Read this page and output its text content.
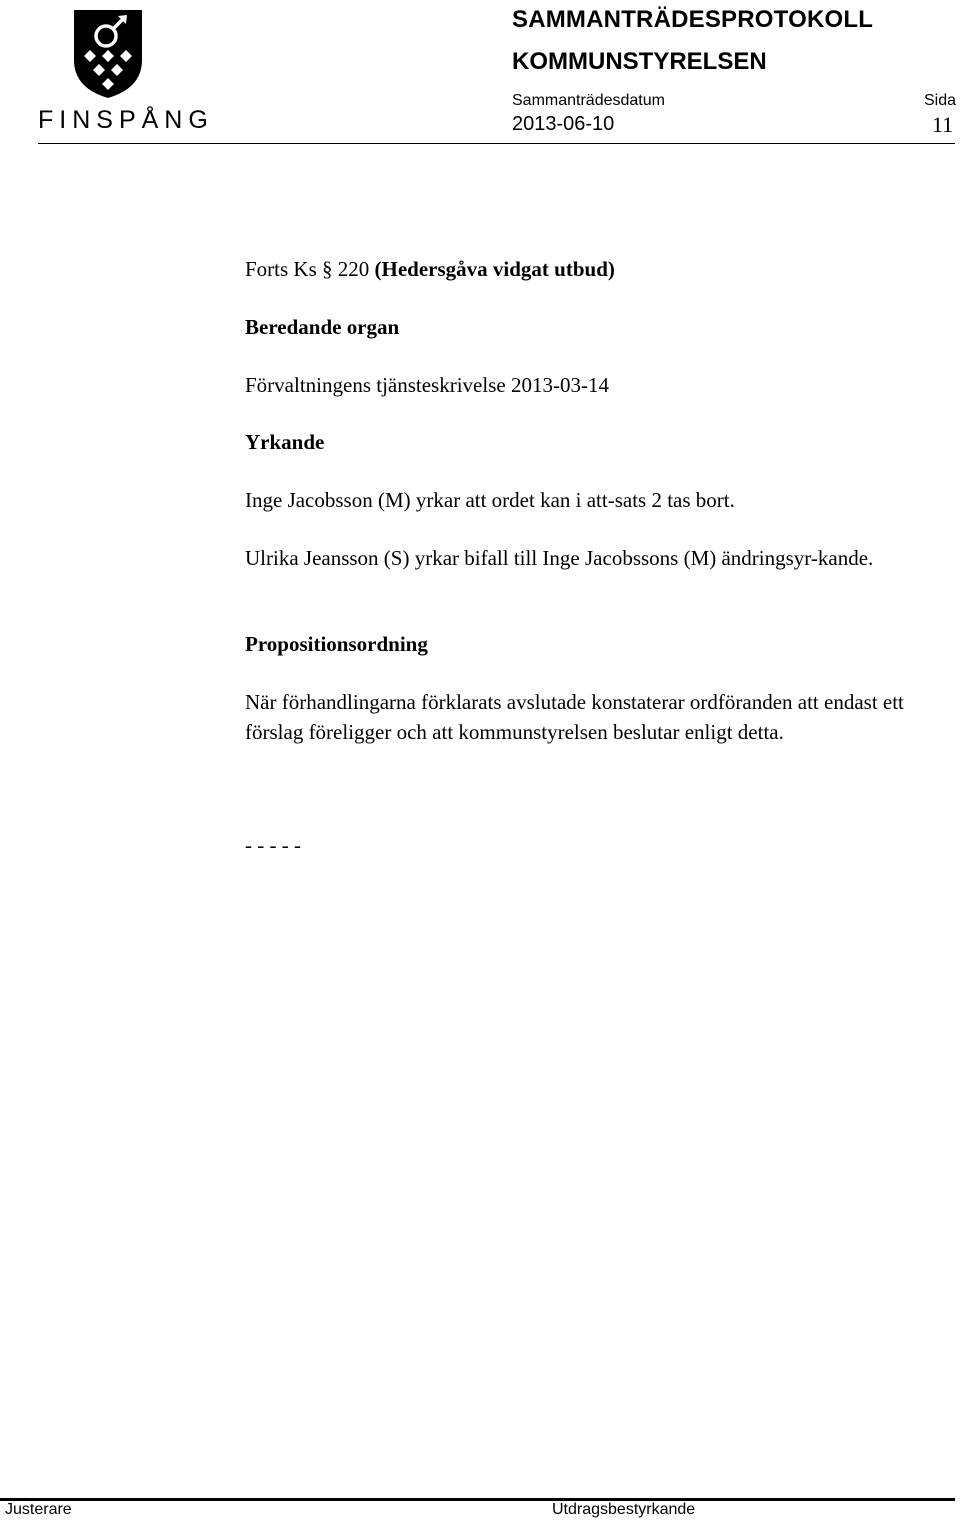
FINSPÅNG
SAMMANTRÄDESPROTOKOLL
KOMMUNSTYRELSEN
Sammanträdesdatum
2013-06-10
Sida
11
Forts Ks § 220 (Hedersgåva vidgat utbud)
Beredande organ
Förvaltningens tjänsteskrivelse 2013-03-14
Yrkande
Inge Jacobsson (M) yrkar att ordet kan i att-sats 2 tas bort.
Ulrika Jeansson (S) yrkar bifall till Inge Jacobssons (M) ändringsyr-kande.
Propositionsordning
När förhandlingarna förklarats avslutade konstaterar ordföranden att endast ett förslag föreligger och att kommunstyrelsen beslutar enligt detta.
- - - - -
Justerare	Utdragsbestyrkande
